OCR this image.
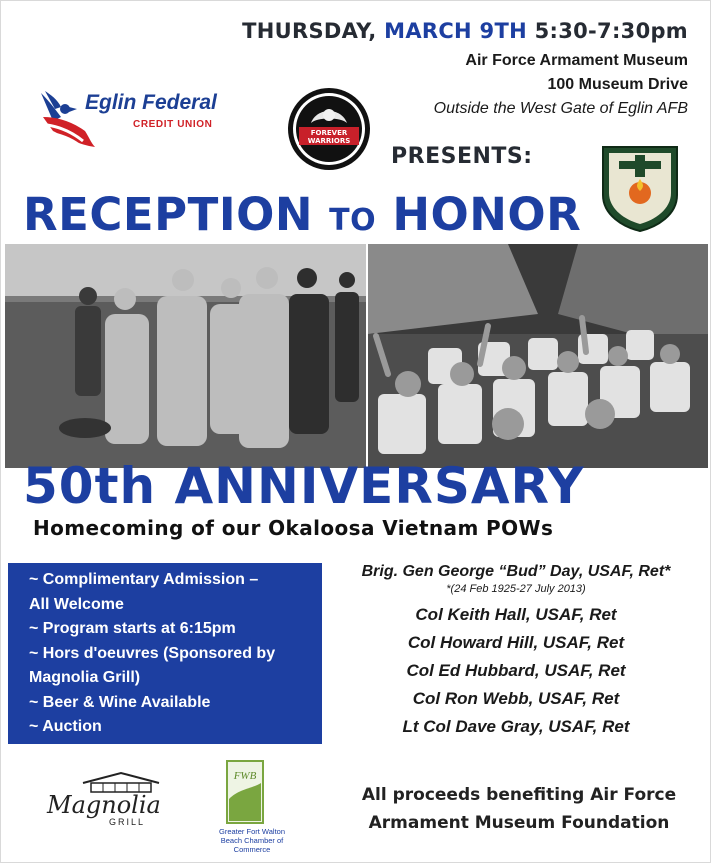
THURSDAY, MARCH 9TH 5:30-7:30pm
Air Force Armament Museum
100 Museum Drive
Outside the West Gate of Eglin AFB
Eglin Federal
CREDIT UNION
FOREVER
WARRIORS
PRESENTS:
RECEPTION TO HONOR
50th ANNIVERSARY
Homecoming of our Okaloosa Vietnam POWs
~ Complimentary Admission –
All Welcome
~ Program starts at 6:15pm
~ Hors d'oeuvres (Sponsored by
Magnolia Grill)
~ Beer & Wine Available
~ Auction
Brig. Gen George “Bud” Day, USAF, Ret*
*(24 Feb 1925-27 July 2013)
Col Keith Hall, USAF, Ret
Col Howard Hill, USAF, Ret
Col Ed Hubbard, USAF, Ret
Col Ron Webb, USAF, Ret
Lt Col Dave Gray, USAF, Ret
Magnolia
GRILL
FWB
Greater Fort Walton Beach Chamber of Commerce
All proceeds benefiting Air Force
Armament Museum Foundation
